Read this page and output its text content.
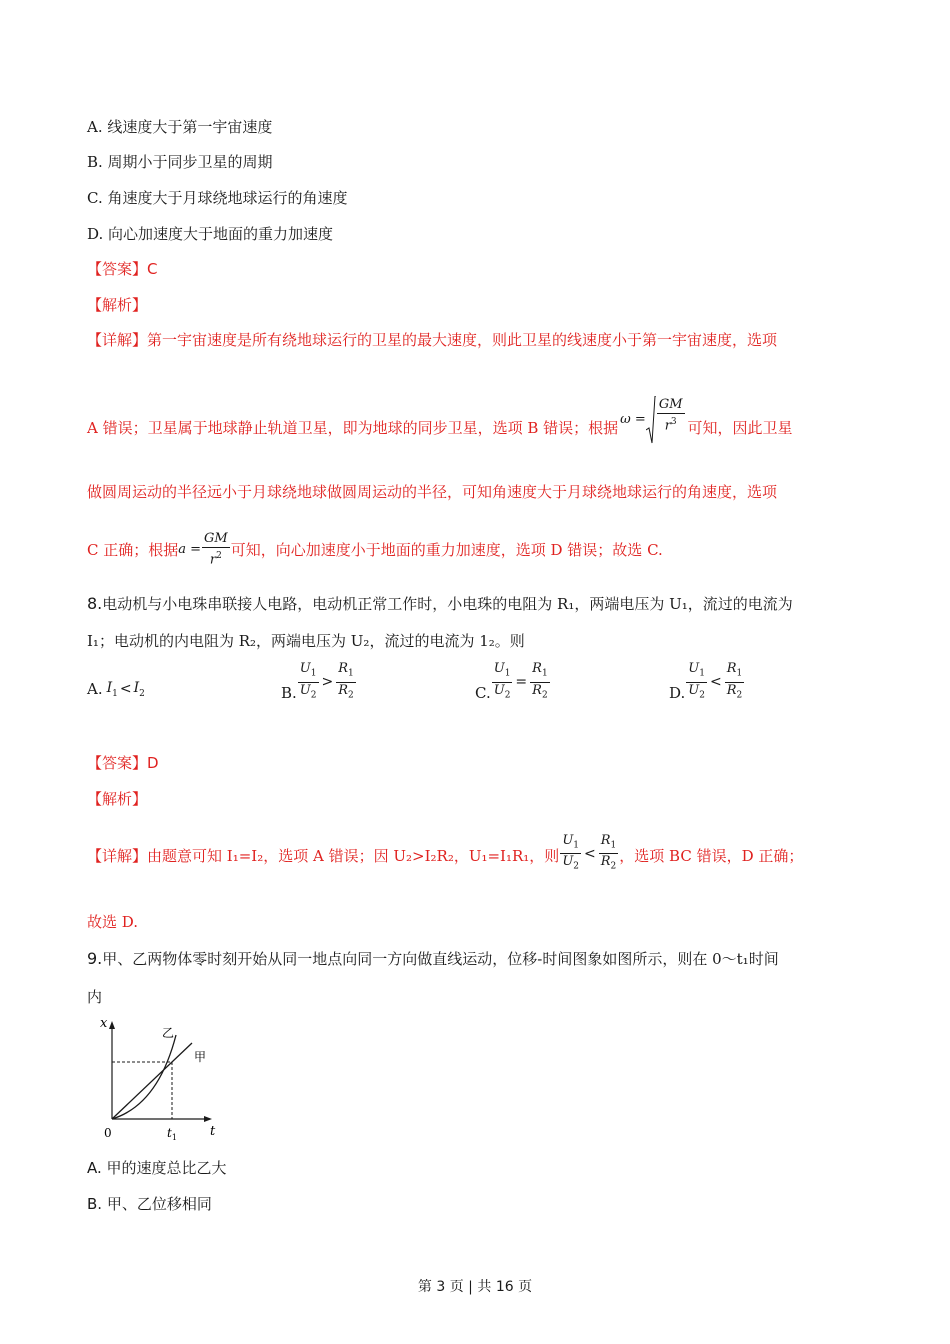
A. 线速度大于第一宇宙速度
B. 周期小于同步卫星的周期
C. 角速度大于月球绕地球运行的角速度
D. 向心加速度大于地面的重力加速度
【答案】C
【解析】
【详解】第一宇宙速度是所有绕地球运行的卫星的最大速度，则此卫星的线速度小于第一宇宙速度，选项
A 错误；卫星属于地球静止轨道卫星，即为地球的同步卫星，选项 B 错误；根据 $\omega = \frac{GM}{r^3}$ 可知，因此卫星
做圆周运动的半径远小于月球绕地球做圆周运动的半径，可知角速度大于月球绕地球运行的角速度，选项
C 正确；根据 $a = \frac{GM}{r^2}$ 可知，向心加速度小于地面的重力加速度，选项 D 错误；故选 C.
8.电动机与小电珠串联接人电路，电动机正常工作时，小电珠的电阻为 R₁，两端电压为 U₁，流过的电流为
I₁；电动机的内电阻为 R₂，两端电压为 U₂，流过的电流为 1₂。则
A. $I_1 < I_2$	B. $\frac{U_1}{U_2} > \frac{R_1}{R_2}$	C. $\frac{U_1}{U_2} = \frac{R_1}{R_2}$	D. $\frac{U_1}{U_2} < \frac{R_1}{R_2}$
【答案】D
【解析】
【详解】 由题意可知 I₁=I₂，选项 A 错误；因 U₂>I₂R₂，U₁=I₁R₁，则 $\frac{U_1}{U_2} < \frac{R_1}{R_2}$ ，选项 BC 错误，D 正确；
故选 D.
9.甲、乙两物体零时刻开始从同一地点向同一方向做直线运动，位移-时间图象如图所示，则在 0～t₁时间
内
x
t
0	$t_1$
乙
甲
A. 甲的速度总比乙大
B. 甲、乙位移相同
第 3 页 | 共 16 页
